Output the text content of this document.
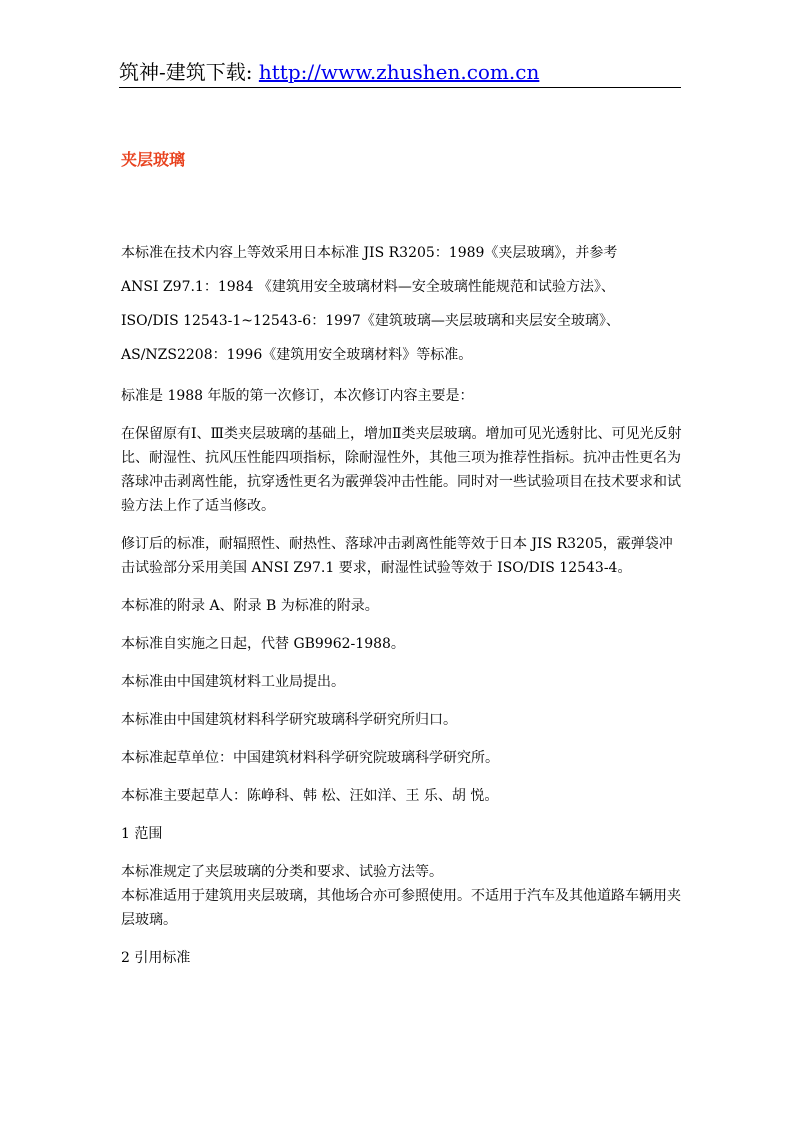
筑神-建筑下载: http://www.zhushen.com.cn
夹层玻璃
本标准在技术内容上等效采用日本标准 JIS R3205：1989《夹层玻璃》，并参考
ANSI Z97.1：1984 《建筑用安全玻璃材料—安全玻璃性能规范和试验方法》、
ISO/DIS 12543-1~12543-6：1997《建筑玻璃—夹层玻璃和夹层安全玻璃》、
AS/NZS2208：1996《建筑用安全玻璃材料》等标准。

标准是 1988 年版的第一次修订，本次修订内容主要是：

在保留原有Ⅰ、Ⅲ类夹层玻璃的基础上，增加Ⅱ类夹层玻璃。增加可见光透射比、可见光反射比、耐湿性、抗风压性能四项指标，除耐湿性外，其他三项为推荐性指标。抗冲击性更名为落球冲击剥离性能，抗穿透性更名为霰弹袋冲击性能。同时对一些试验项目在技术要求和试验方法上作了适当修改。

修订后的标准，耐辐照性、耐热性、落球冲击剥离性能等效于日本 JIS R3205，霰弹袋冲击试验部分采用美国 ANSI Z97.1 要求，耐湿性试验等效于 ISO/DIS 12543-4。

本标准的附录 A、附录 B 为标准的附录。

本标准自实施之日起，代替 GB9962-1988。

本标准由中国建筑材料工业局提出。

本标准由中国建筑材料科学研究玻璃科学研究所归口。

本标准起草单位：中国建筑材料科学研究院玻璃科学研究所。

本标准主要起草人：陈峥科、韩 松、汪如洋、王 乐、胡 悦。

1 范围

本标准规定了夹层玻璃的分类和要求、试验方法等。
本标准适用于建筑用夹层玻璃，其他场合亦可参照使用。不适用于汽车及其他道路车辆用夹层玻璃。

2 引用标准
